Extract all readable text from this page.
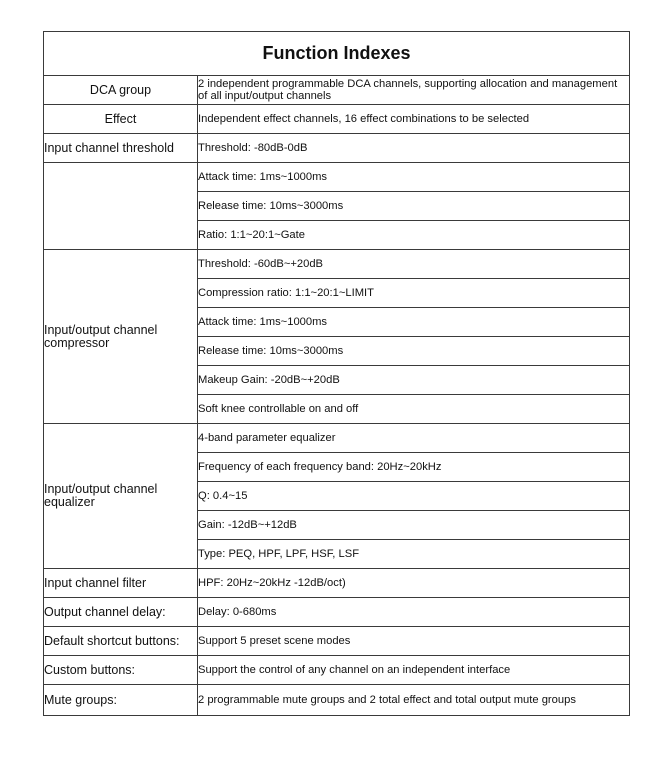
Function Indexes	
DCA group	2 independent programmable DCA channels, supporting allocation and management of all input/output channels
Effect	Independent effect channels, 16 effect combinations to be selected
Input channel threshold	Threshold: -80dB-0dB
	Attack time: 1ms~1000ms
	Release time: 10ms~3000ms
	Ratio: 1:1~20:1~Gate
Input/output channel compressor	Threshold: -60dB~+20dB
	Compression ratio: 1:1~20:1~LIMIT
	Attack time: 1ms~1000ms
	Release time: 10ms~3000ms
	Makeup Gain: -20dB~+20dB
	Soft knee controllable on and off
Input/output channel equalizer	4-band parameter equalizer
	Frequency of each frequency band: 20Hz~20kHz
	Q: 0.4~15
	Gain: -12dB~+12dB
	Type: PEQ, HPF, LPF, HSF, LSF
Input channel filter	HPF: 20Hz~20kHz -12dB/oct)
Output channel delay:	Delay: 0-680ms
Default shortcut buttons:	Support 5 preset scene modes
Custom buttons:	Support the control of any channel on an independent interface
Mute groups:	2 programmable mute groups and 2 total effect and total output mute groups
